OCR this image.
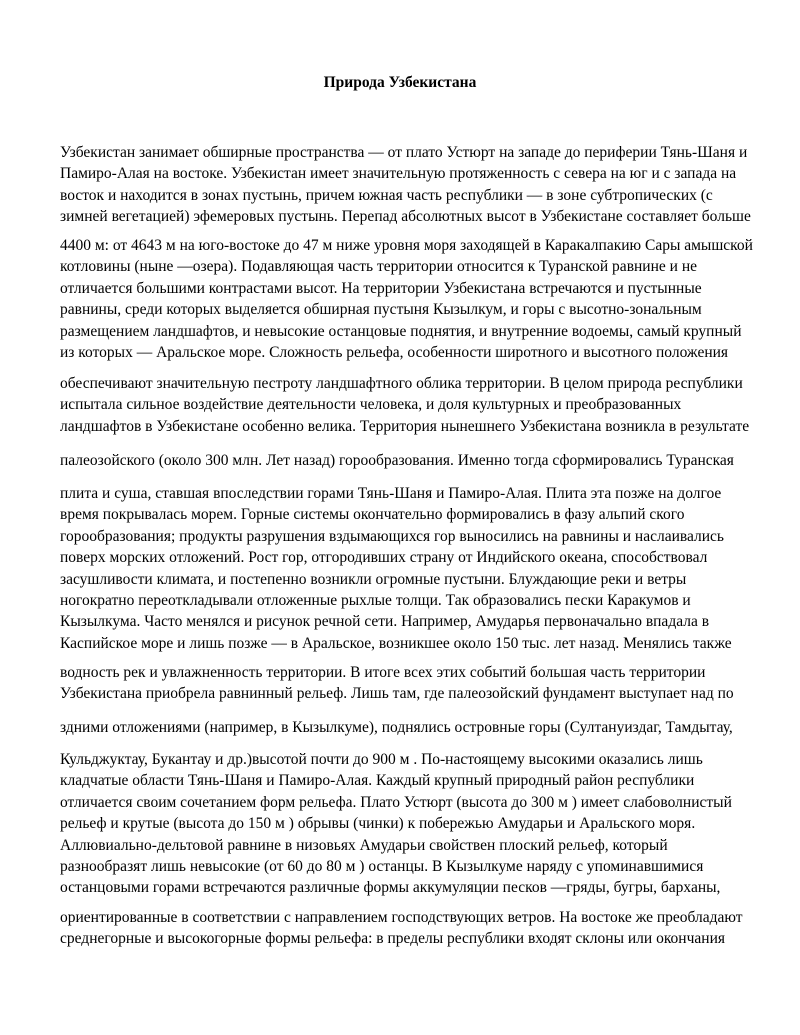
Природа Узбекистана
Узбекистан занимает обширные пространства — от плато Устюрт на западе до периферии Тянь-Шаня и
Памиро-Алая на востоке. Узбекистан имеет значительную протяженность с севера на юг и с запада на
восток и находится в зонах пустынь, причем южная часть республики — в зоне субтропических (с
зимней вегетацией) эфемеровых пустынь. Перепад абсолютных высот в Узбекистане составляет больше
4400 м: от 4643 м на юго-востоке до 47 м ниже уровня моря заходящей в Каракалпакию Сары амышской
котловины (ныне —озера). Подавляющая часть территории относится к Туранской равнине и не
отличается большими контрастами высот. На территории Узбекистана встречаются и пустынные
равнины, среди которых выделяется обширная пустыня Кызылкум, и горы с высотно-зональным
размещением ландшафтов, и невысокие останцовые поднятия, и внутренние водоемы, самый крупный
из которых — Аральское море. Сложность рельефа, особенности широтного и высотного положения
обеспечивают значительную пестроту ландшафтного облика территории. В целом природа республики
испытала сильное воздействие деятельности человека, и доля культурных и преобразованных
ландшафтов в Узбекистане особенно велика. Территория нынешнего Узбекистана возникла в результате
палеозойского (около 300 млн. Лет назад) горообразования. Именно тогда сформировались Туранская
плита и суша, ставшая впоследствии горами Тянь-Шаня и Памиро-Алая. Плита эта позже на долгое
время покрывалась морем. Горные системы окончательно формировались в фазу альпий ского
горообразования; продукты разрушения вздымающихся гор выносились на равнины и наслаивались
поверх морских отложений. Рост гор, отгородивших страну от Индийского океана, способствовал
засушливости климата, и постепенно возникли огромные пустыни. Блуждающие реки и ветры
ногократно переоткладывали отложенные рыхлые толщи. Так образовались пески Каракумов и
Кызылкума. Часто менялся и рисунок речной сети. Например, Амударья первоначально впадала в
Каспийское море и лишь позже — в Аральское, возникшее около 150 тыс. лет назад. Менялись также
водность рек и увлажненность территории. В итоге всех этих событий большая часть территории
Узбекистана приобрела равнинный рельеф. Лишь там, где палеозойский фундамент выступает над по
здними отложениями (например, в Кызылкуме), поднялись островные горы (Султануиздаг, Тамдытау,
Кульджуктау, Букантау и др.)высотой почти до 900 м . По-настоящему высокими оказались лишь
кладчатые области Тянь-Шаня и Памиро-Алая. Каждый крупный природный район республики
отличается своим сочетанием форм рельефа. Плато Устюрт (высота до 300 м ) имеет слабоволнистый
рельеф и крутые (высота до 150 м ) обрывы (чинки) к побережью Амударьи и Аральского моря.
Аллювиально-дельтовой равнине в низовьях Амударьи свойствен плоский рельеф, который
разнообразят лишь невысокие (от 60 до 80 м ) останцы. В Кызылкуме наряду с упоминавшимися
останцовыми горами встречаются различные формы аккумуляции песков —гряды, бугры, барханы,
ориентированные в соответствии с направлением господствующих ветров. На востоке же преобладают
среднегорные и высокогорные формы рельефа: в пределы республики входят склоны или окончания
